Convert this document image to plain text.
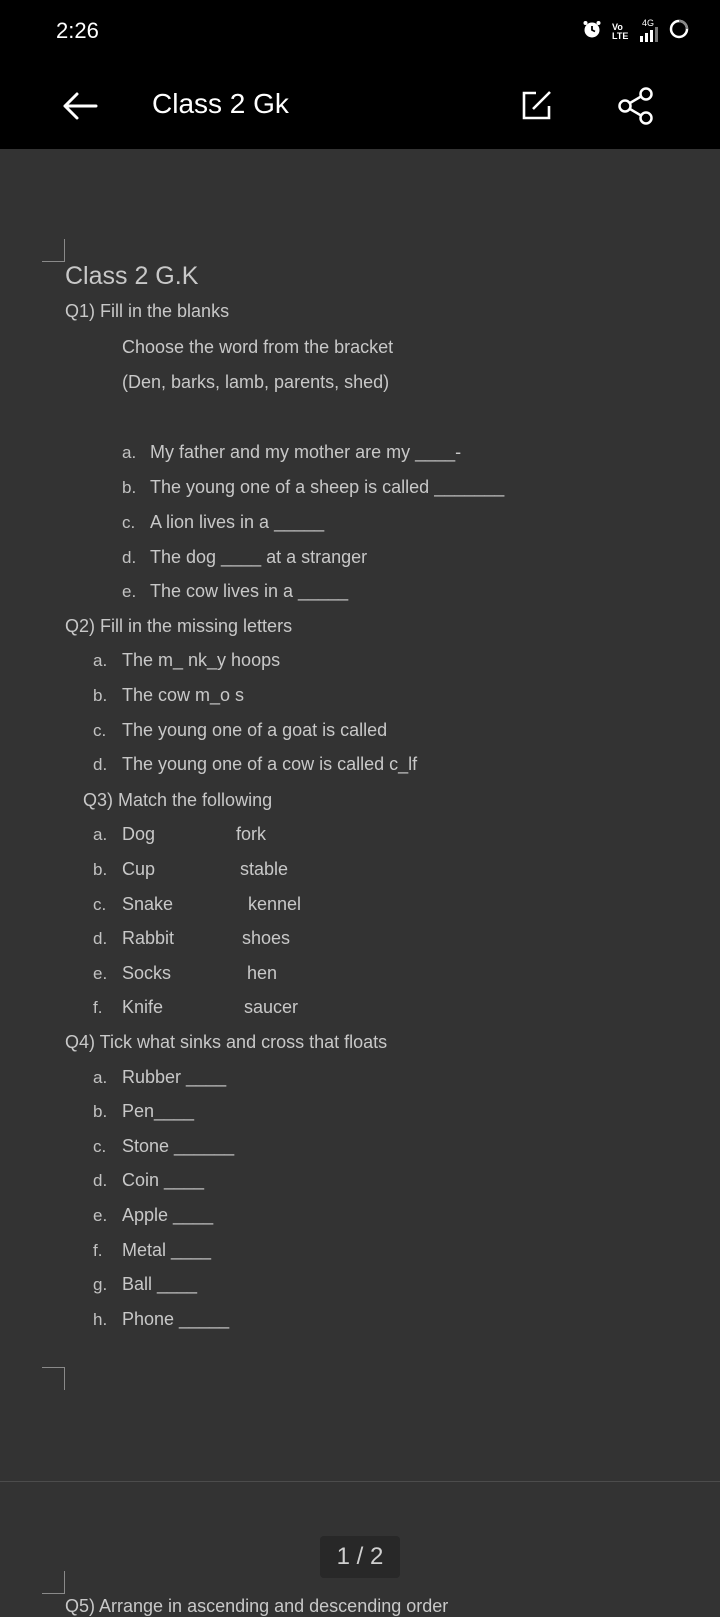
2:26	Vo LTE
4G
Class 2 Gk
Class 2 G.K
Q1) Fill in the blanks
Choose the word from the bracket
(Den, barks, lamb, parents, shed)
a. My father and my mother are my ____-
b. The young one of a sheep is called _______
c. A lion lives in a _____
d. The dog ____ at a stranger
e. The cow lives in a _____
Q2) Fill in the missing letters
a. The m_ nk_y hoops
b. The cow m_o s
c. The young one of a goat is called
d. The young one of a cow is called c_lf
Q3) Match the following
a. Dog	fork
b. Cup	stable
c. Snake	kennel
d. Rabbit	shoes
e. Socks	hen
f. Knife	saucer
Q4) Tick what sinks and cross that floats
a. Rubber ____
b. Pen____
c. Stone ______
d. Coin ____
e. Apple ____
f. Metal ____
g. Ball ____
h. Phone _____
1 / 2
Q5) Arrange in ascending and descending order
